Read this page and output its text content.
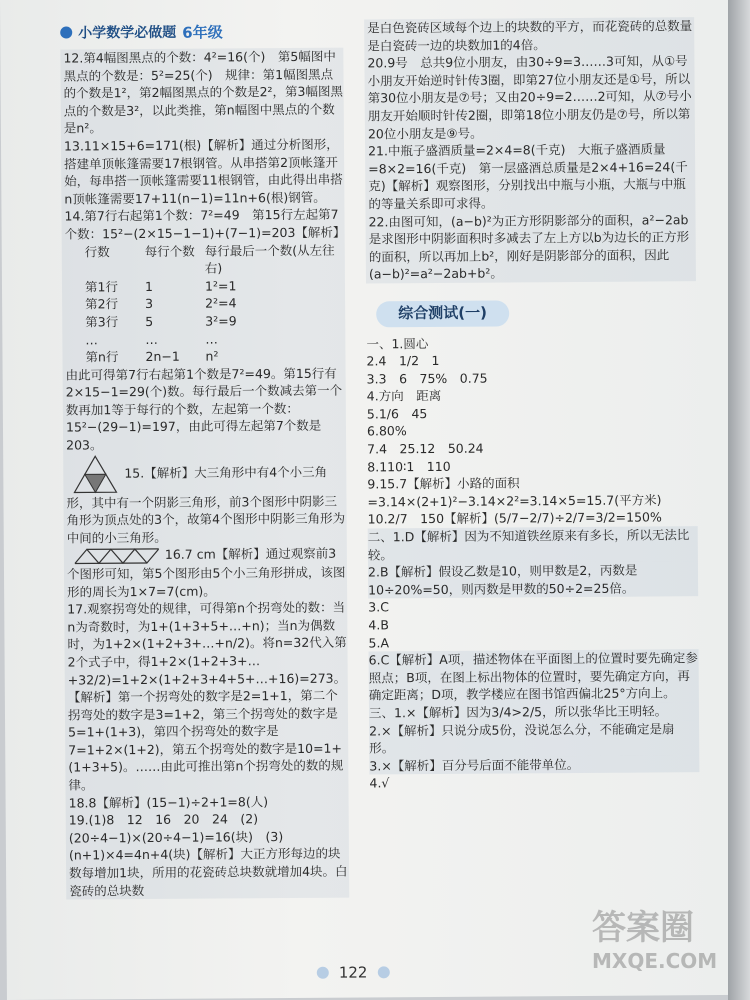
小学数学必做题 6年级

12.第4幅图黑点的个数：4²=16(个)　第5幅图中黑点的个数是：5²=25(个)　规律：第1幅图黑点的个数是1²，第2幅图黑点的个数是2²，第3幅图黑点的个数是3²，以此类推，第n幅图中黑点的个数是n²。

13.11×15+6=171(根)【解析】通过分析图形，搭建单顶帐篷需要17根钢管。从串搭第2顶帐篷开始，每串搭一顶帐篷需要11根钢管，由此得出串搭n顶帐篷需要17+11(n−1)=11n+6(根)钢管。

14.第7行右起第1个数：7²=49　第15行左起第7个数：15²−(2×15−1−1)+(7−1)=203【解析】

行数	每行个数 每行最后一个数(从左往右)
第1行	1	1²=1
第2行	3	2²=4
第3行	5	3²=9
…	…	…
第n行	2n−1	n²

由此可得第7行右起第1个数是7²=49。第15行有2×15−1=29(个)数。每行最后一个数减去第一个数再加1等于每行的个数，左起第一个数：15²−(29−1)=197，由此可得左起第7个数是203。

15.【解析】大三角形中有4个小三角形，其中有一个阴影三角形，前3个图形中阴影三角形为顶点处的3个，故第4个图形中阴影三角形为中间的小三角形。

16.7 cm【解析】通过观察前3个图形可知，第5个图形由5个小三角形拼成，该图形的周长为1×7=7(cm)。

17.观察拐弯处的规律，可得第n个拐弯处的数：当n为奇数时，为1+(1+3+5+…+n)；当n为偶数时，为1+2×(1+2+3+…+n/2)。将n=32代入第2个式子中，得1+2×(1+2+3+…+32/2)=1+2×(1+2+3+4+5+…+16)=273。【解析】第一个拐弯处的数字是2=1+1，第二个拐弯处的数字是3=1+2，第三个拐弯处的数字是5=1+(1+3)，第四个拐弯处的数字是7=1+2×(1+2)，第五个拐弯处的数字是10=1+(1+3+5)。……由此可推出第n个拐弯处的数的规律。

18.8【解析】(15−1)÷2+1=8(人)

19.(1)8　12　16　20　24　(2)(20÷4−1)×(20÷4−1)=16(块)　(3)(n+1)×4=4n+4(块)【解析】大正方形每边的块数每增加1块，所用的花瓷砖总块数就增加4块。白瓷砖的总块数

是白色瓷砖区域每个边上的块数的平方，而花瓷砖的总数量是白瓷砖一边的块数加1的4倍。

20.9号　总共9位小朋友，由30÷9=3……3可知，从①号小朋友开始逆时针传3圈，即第27位小朋友还是①号，所以第30位小朋友是⑦号；又由20÷9=2……2可知，从⑦号小朋友开始顺时针传2圈，即第18位小朋友仍是⑦号，所以第20位小朋友是⑨号。

21.中瓶子盛酒质量=2×4=8(千克)　大瓶子盛酒质量=8×2=16(千克)　第一层盛酒总质量是2×4+16=24(千克)【解析】观察图形，分别找出中瓶与小瓶，大瓶与中瓶的等量关系即可求得。

22.由图可知，(a−b)²为正方形阴影部分的面积，a²−2ab是求图形中阴影面积时多减去了左上方以b为边长的正方形的面积，所以再加上b²，刚好是阴影部分的面积，因此(a−b)²=a²−2ab+b²。

综合测试(一)

一、1.圆心

2.4　1/2　1

3.3　6　75%　0.75

4.方向　距离

5.1/6　45

6.80%

7.4　25.12　50.24

8.110∶1　110

9.15.7【解析】小路的面积=3.14×(2+1)²−3.14×2²=3.14×5=15.7(平方米)

10.2/7　150【解析】(5/7−2/7)÷2/7=3/2=150%

二、1.D【解析】因为不知道铁丝原来有多长，所以无法比较。

2.B【解析】假设乙数是10，则甲数是2，丙数是10÷20%=50，则丙数是甲数的50÷2=25倍。

3.C

4.B

5.A

6.C【解析】A项，描述物体在平面图上的位置时要先确定参照点；B项，在图上标出物体的位置时，要先确定方向，再确定距离；D项，教学楼应在图书馆西偏北25°方向上。

三、1.×【解析】因为3/4>2/5，所以张华比王明轻。

2.×【解析】只说分成5份，没说怎么分，不能确定是扇形。

3.×【解析】百分号后面不能带单位。

4.√

122
答案圈
MXQE.COM
